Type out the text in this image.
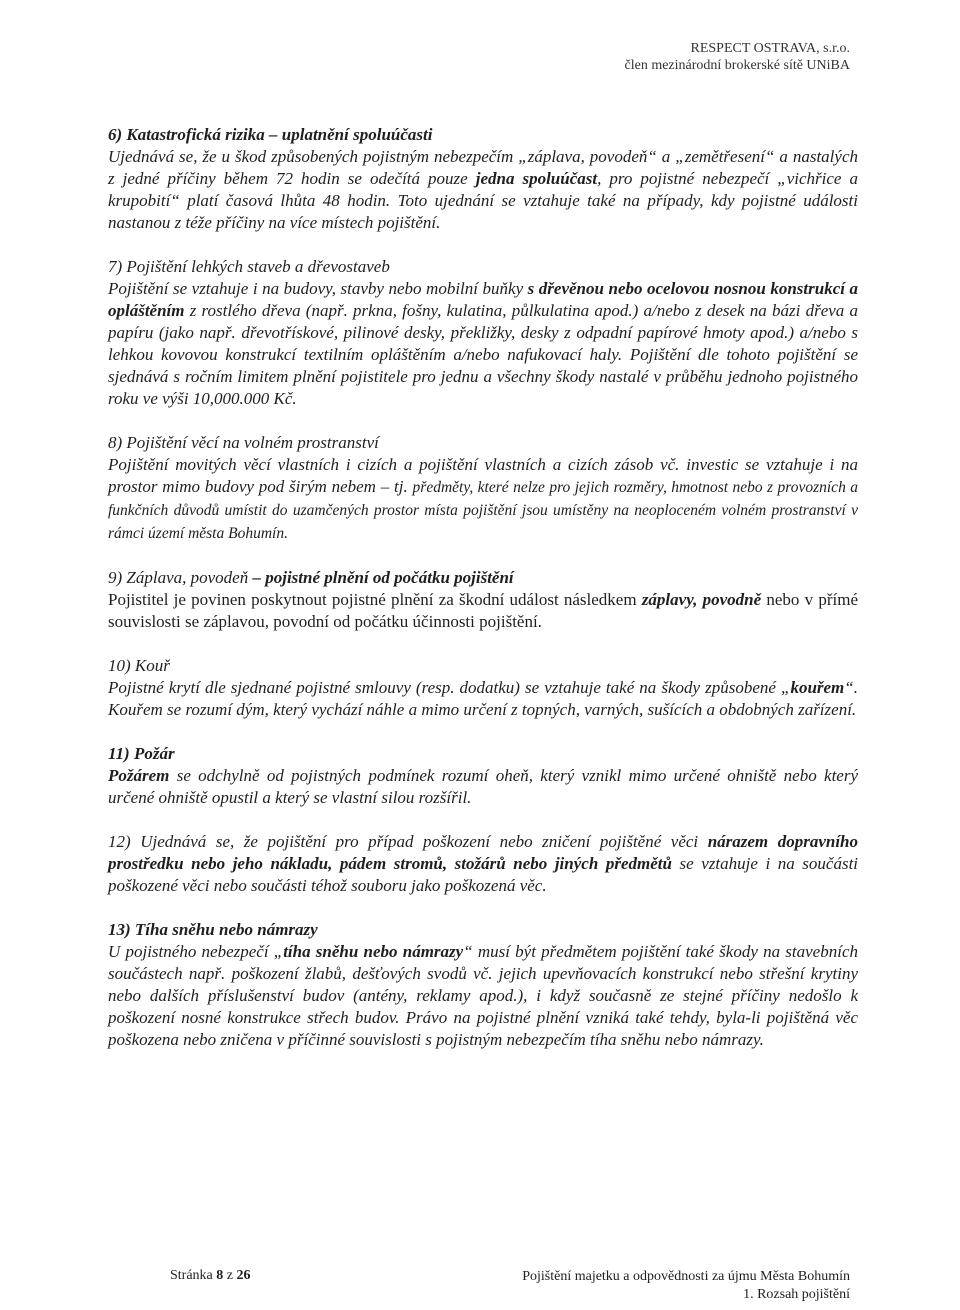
RESPECT OSTRAVA, s.r.o.
člen mezinárodní brokerské sítě UNiBA
6) Katastrofická rizika – uplatnění spoluúčasti

Ujednává se, že u škod způsobených pojistným nebezpečím „záplava, povodeň“ a „zemětřesení“ a nastalých z jedné příčiny během 72 hodin se odečítá pouze jedna spoluúčast, pro pojistné nebezpečí „vichřice a krupobití“ platí časová lhůta 48 hodin. Toto ujednání se vztahuje také na případy, kdy pojistné události nastanou z téže příčiny na více místech pojištění.

7) Pojištění lehkých staveb a dřevostaveb

Pojištění se vztahuje i na budovy, stavby nebo mobilní buňky s dřevěnou nebo ocelovou nosnou konstrukcí a opláštěním z rostlého dřeva (např. prkna, fošny, kulatina, půlkulatina apod.) a/nebo z desek na bázi dřeva a papíru (jako např. dřevotřískové, pilinové desky, překližky, desky z odpadní papírové hmoty apod.) a/nebo s lehkou kovovou konstrukcí textilním opláštěním a/nebo nafukovací haly. Pojištění dle tohoto pojištění se sjednává s ročním limitem plnění pojistitele pro jednu a všechny škody nastalé v průběhu jednoho pojistného roku ve výši 10,000.000 Kč.

8) Pojištění věcí na volném prostranství

Pojištění movitých věcí vlastních i cizích a pojištění vlastních a cizích zásob vč. investic se vztahuje i na prostor mimo budovy pod širým nebem – tj. předměty, které nelze pro jejich rozměry, hmotnost nebo z provozních a funkčních důvodů umístit do uzamčených prostor místa pojištění jsou umístěny na neoploceném volném prostranství v rámci území města Bohumín.

9) Záplava, povodeň – pojistné plnění od počátku pojištění

Pojistitel je povinen poskytnout pojistné plnění za škodní událost následkem záplavy, povodně nebo v přímé souvislosti se záplavou, povodní od počátku účinnosti pojištění.

10) Kouř

Pojistné krytí dle sjednané pojistné smlouvy (resp. dodatku) se vztahuje také na škody způsobené „kouřem“. Kouřem se rozumí dým, který vychází náhle a mimo určení z topných, varných, sušících a obdobných zařízení.

11) Požár

Požárem se odchylně od pojistných podmínek rozumí oheň, který vznikl mimo určené ohniště nebo který určené ohniště opustil a který se vlastní silou rozšířil.

12) Ujednává se, že pojištění pro případ poškození nebo zničení pojištěné věci nárazem dopravního prostředku nebo jeho nákladu, pádem stromů, stožárů nebo jiných předmětů se vztahuje i na součásti poškozené věci nebo součásti téhož souboru jako poškozená věc.

13) Tíha sněhu nebo námrazy

U pojistného nebezpečí „tíha sněhu nebo námrazy“ musí být předmětem pojištění také škody na stavebních součástech např. poškození žlabů, dešťových svodů vč. jejich upevňovacích konstrukcí nebo střešní krytiny nebo dalších příslušenství budov (antény, reklamy apod.), i když současně ze stejné příčiny nedošlo k poškození nosné konstrukce střech budov. Právo na pojistné plnění vzniká také tehdy, byla-li pojištěná věc poškozena nebo zničena v příčinné souvislosti s pojistným nebezpečím tíha sněhu nebo námrazy.

Stránka 8 z 26	Pojištění majetku a odpovědnosti za újmu Města Bohumín
1. Rozsah pojištění
